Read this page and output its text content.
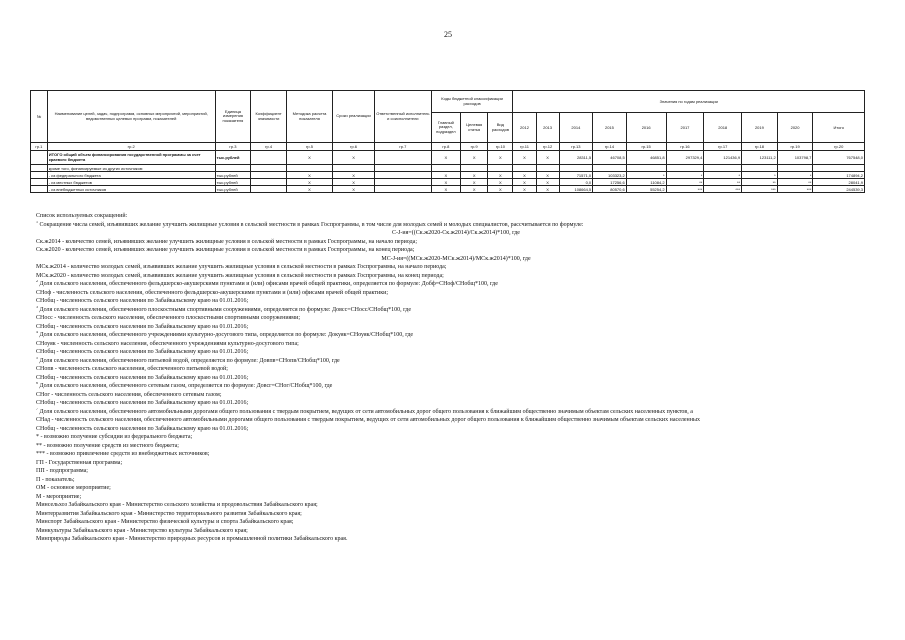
25
№	Наименование целей, задач, подпрограмм, основных мероприятий, мероприятий, ведомственных целевых программ, показателей	Единица измерения показателя	Коэффициент значимости	Методика расчета показателя	Сроки реализации	Ответственный исполнитель и соисполнители	Коды бюджетной классификации расходов			Значения по годам реализации									
							Главный раздел, подраздел	Целевая статья	Вид расходов	2012	2013	2014	2015	2016	2017	2018	2019	2020	Итого
гр.1	гр.2	гр.3	гр.4	гр.5	гр.6	гр.7	гр.8	гр.9	гр.10	гр.11	гр.12	гр.13	гр.14	гр.15	гр.16	гр.17	гр.18	гр.19	гр.20
	ИТОГО общий объем финансирования государственной программы за счет краевого бюджета	тыс.рублей		X	X		X	X	X	X	X	28311,5	46708,5	46851,8	297329,4	121436,9	123111,2	103798,7	767548,0
	кроме того, финансируемые из других источников:																		
	- из федерального бюджета	тыс.рублей		X	X		X	X	X	X	X	71571,0	103323,2	*	*	*	*	*	174894,2
	- из местных бюджетов	тыс.рублей		X	X		X	X	X	X	X	0,0	17256,6	11084,2	**	**	**	**	28041,9
	- из внебюджетных источников	тыс.рублей		X	X		X	X	X	X	X	108664,5	80570,6	55254,2	***	***	***	***	244539,3
Список используемых сокращений:
$^1$ Сокращение числа семей, изъявивших желание улучшить жилищные условия в сельской местности в рамках Госпрограммы, в том числе для молодых семей и молодых специалистов, рассчитывается по формуле:
С-Ј-ия=((Ск.ж2020-Ск.ж2014)/Ск.ж2014)*100, где
Ск.ж2014 - количество семей, изъявивших желание улучшить жилищные условия в сельской местности в рамках Госпрограммы, на начало периода;
Ск.ж2020 - количество семей, изъявивших желание улучшить жилищные условия в сельской местности в рамках Госпрограммы, на конец периода;
МС-Ј-ия=((МСк.ж2020-МСк.ж2014)/МСк.ж2014)*100, где
МСк.ж2014 - количество молодых семей, изъявивших желание улучшить жилищные условия в сельской местности в рамках Госпрограммы, на начало периода;
МСк.ж2020 - количество молодых семей, изъявивших желание улучшить жилищные условия в сельской местности в рамках Госпрограммы, на конец периода;
$^2$ Доля сельского населения, обеспеченного фельдшерско-акушерскими пунктами и (или) офисами врачей общей практики, определяется по формуле: Добф=СНоф/СНобщ*100, где
СНоф - численность сельского населения, обеспеченного фельдшерско-акушерскими пунктами и (или) офисами врачей общей практики;
СНобщ - численность сельского населения по Забайкальскому краю на 01.01.2016;
$^3$ Доля сельского населения, обеспеченного плоскостными спортивными сооружениями, определяется по формуле: Довсс=СНосс/СНобщ*100, где
СНосс - численность сельского населения, обеспеченного плоскостными спортивными сооружениями;
СНобщ - численность сельского населения по Забайкальскому краю на 01.01.2016;
$^4$ Доля сельского населения, обеспеченного учреждениями культурно-досугового типа, определяется по формуле: Докуяк=СНоуяк/СНобщ*100, где
СНоуяк - численность сельского населения, обеспеченного учреждениями культурно-досугового типа;
СНобщ - численность сельского населения по Забайкальскому краю на 01.01.2016;
$^5$ Доля сельского населения, обеспеченного питьевой водой, определяется по формуле: Довпв=СНопв/СНобщ*100, где
СНопв - численность сельского населения, обеспеченного питьевой водой;
СНобщ - численность сельского населения по Забайкальскому краю на 01.01.2016;
$^6$ Доля сельского населения, обеспеченного сетевым газом, определяется по формуле: Довсг=СНог/СНобщ*100, где
СНог - численность сельского населения, обеспеченного сетевым газом;
СНобщ - численность сельского населения по Забайкальскому краю на 01.01.2016;
$^7$ Доля сельского населения, обеспеченного автомобильными дорогами общего пользования с твердым покрытием, ведущих от сети автомобильных дорог общего пользования к ближайшим общественно значимым объектам сельских населенных пунктов, а
СНад - численность сельского населения, обеспеченного автомобильными дорогами общего пользования с твердым покрытием, ведущих от сети автомобильных дорог общего пользования к ближайшим общественно значимым объектам сельских населенных
СНобщ - численность сельского населения по Забайкальскому краю на 01.01.2016;
* - возможно получение субсидии из федерального бюджета;
** - возможно получение средств из местного бюджета;
*** - возможно привлечение средств из внебюджетных источников;
ГП - Государственная программа;
ПП - подпрограмма;
П - показатель;
ОМ - основное мероприятие;
М - мероприятие;
Минсельхоз Забайкальского края - Министерство сельского хозяйства и продовольствия Забайкальского края;
Минтерразвития Забайкальского края - Министерство территориального развития Забайкальского края;
Минспорт Забайкальского края - Министерство физической культуры и спорта Забайкальского края;
Минкультуры Забайкальского края - Министерство культуры Забайкальского края;
Минприроды Забайкальского края - Министерство природных ресурсов и промышленной политики Забайкальского края.
